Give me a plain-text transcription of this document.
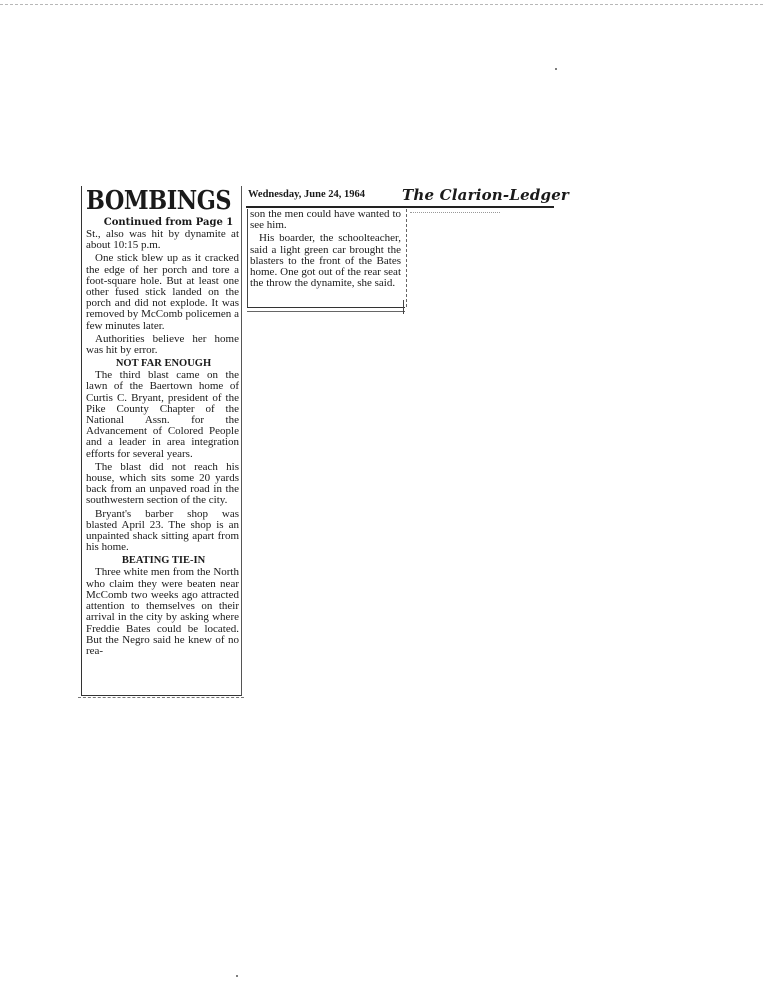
BOMBINGS
Continued from Page 1

St., also was hit by dynamite at about 10:15 p.m.

One stick blew up as it cracked the edge of her porch and tore a foot-square hole. But at least one other fused stick landed on the porch and did not explode. It was removed by McComb policemen a few minutes later.

Authorities believe her home was hit by error.

NOT FAR ENOUGH

The third blast came on the lawn of the Baertown home of Curtis C. Bryant, president of the Pike County Chapter of the National Assn. for the Advancement of Colored People and a leader in area integration efforts for several years.

The blast did not reach his house, which sits some 20 yards back from an unpaved road in the southwestern section of the city.

Bryant's barber shop was blasted April 23. The shop is an unpainted shack sitting apart from his home.

BEATING TIE-IN

Three white men from the North who claim they were beaten near McComb two weeks ago attracted attention to themselves on their arrival in the city by asking where Freddie Bates could be located. But the Negro said he knew of no rea-

Wednesday, June 24, 1964 The Clarion-Ledger

son the men could have wanted to see him.

His boarder, the schoolteacher, said a light green car brought the blasters to the front of the Bates home. One got out of the rear seat the throw the dynamite, she said.
